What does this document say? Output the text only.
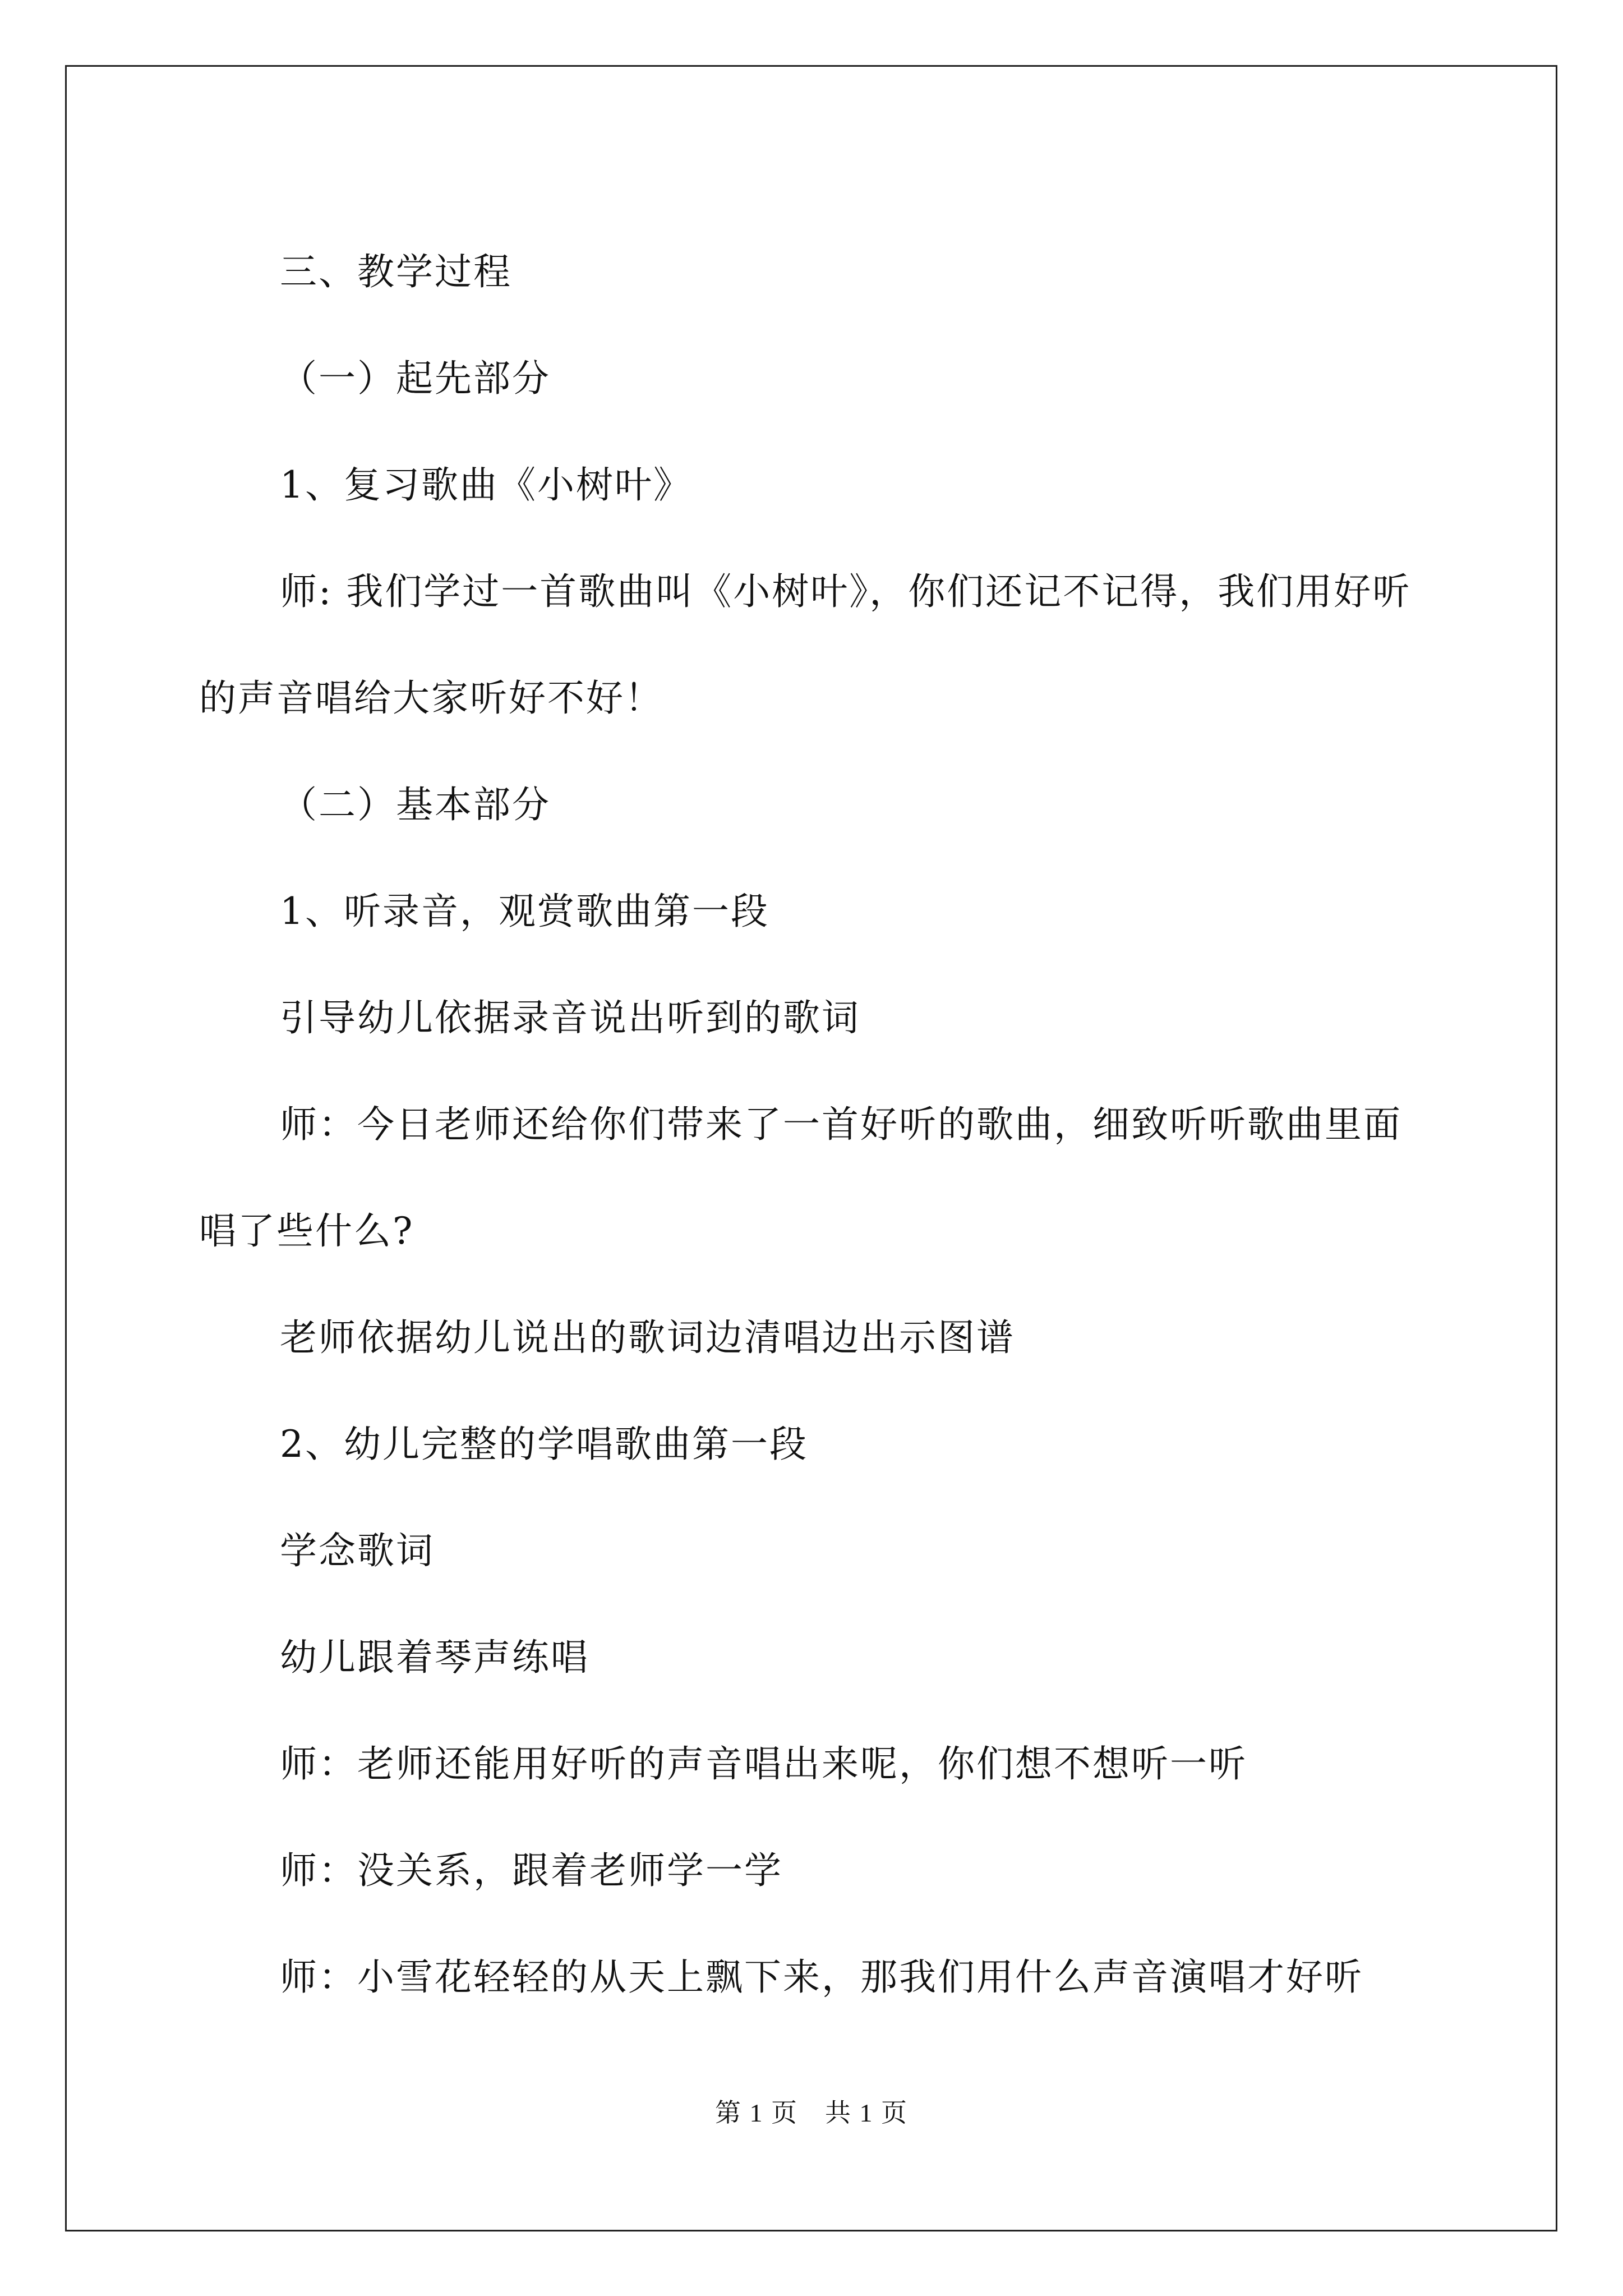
三、教学过程

（一）起先部分

1、复习歌曲《小树叶》

师: 我们学过一首歌曲叫《小树叶》，你们还记不记得，我们用好听的声音唱给大家听好不好！

（二）基本部分

1、听录音，观赏歌曲第一段

引导幼儿依据录音说出听到的歌词

师：今日老师还给你们带来了一首好听的歌曲，细致听听歌曲里面唱了些什么?

老师依据幼儿说出的歌词边清唱边出示图谱

2、幼儿完整的学唱歌曲第一段

学念歌词

幼儿跟着琴声练唱

师：老师还能用好听的声音唱出来呢，你们想不想听一听

师：没关系，跟着老师学一学

师：小雪花轻轻的从天上飘下来，那我们用什么声音演唱才好听

第 1 页　共 1 页
